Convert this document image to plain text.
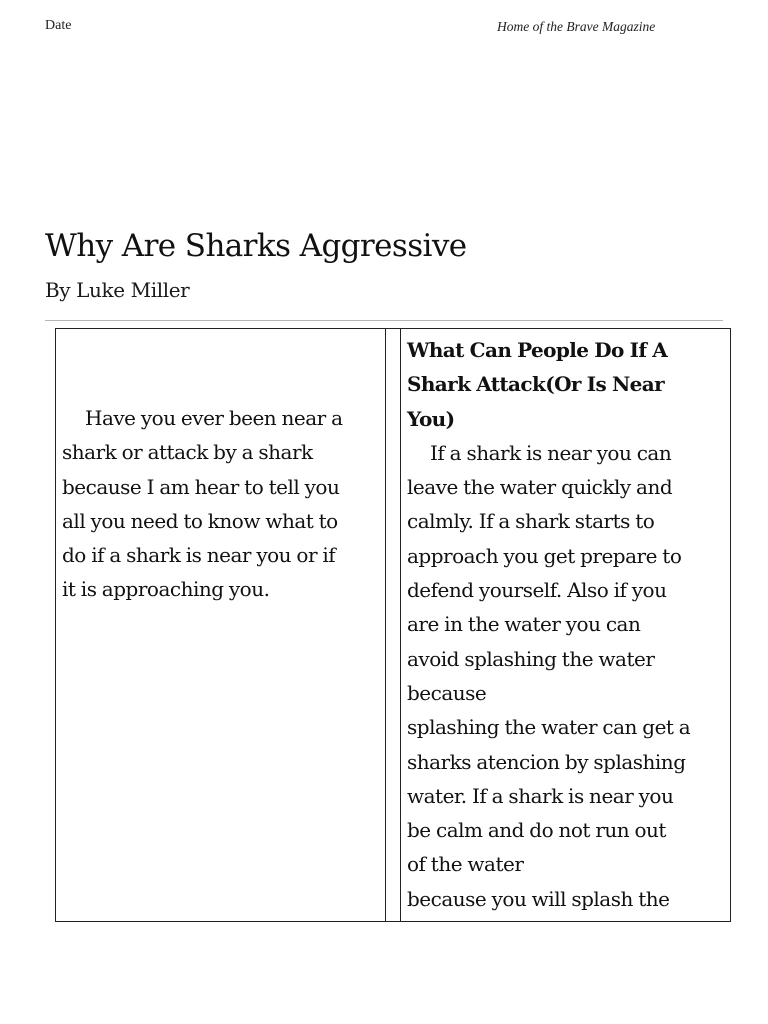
Date	Home of the Brave Magazine
Why Are Sharks Aggressive
By Luke Miller
Have you ever been near a
shark or attack by a shark
because I am hear to tell you
all you need to know what to
do if a shark is near you or if
it is approaching you.
What Can People Do If A
Shark Attack(Or Is Near
You)
If a shark is near you can
leave the water quickly and
calmly. If a shark starts to
approach you get prepare to
defend yourself. Also if you
are in the water you can
avoid splashing the water
because
splashing the water can get a
sharks atencion by splashing
water. If a shark is near you
be calm and do not run out
of the water
because you will splash the
